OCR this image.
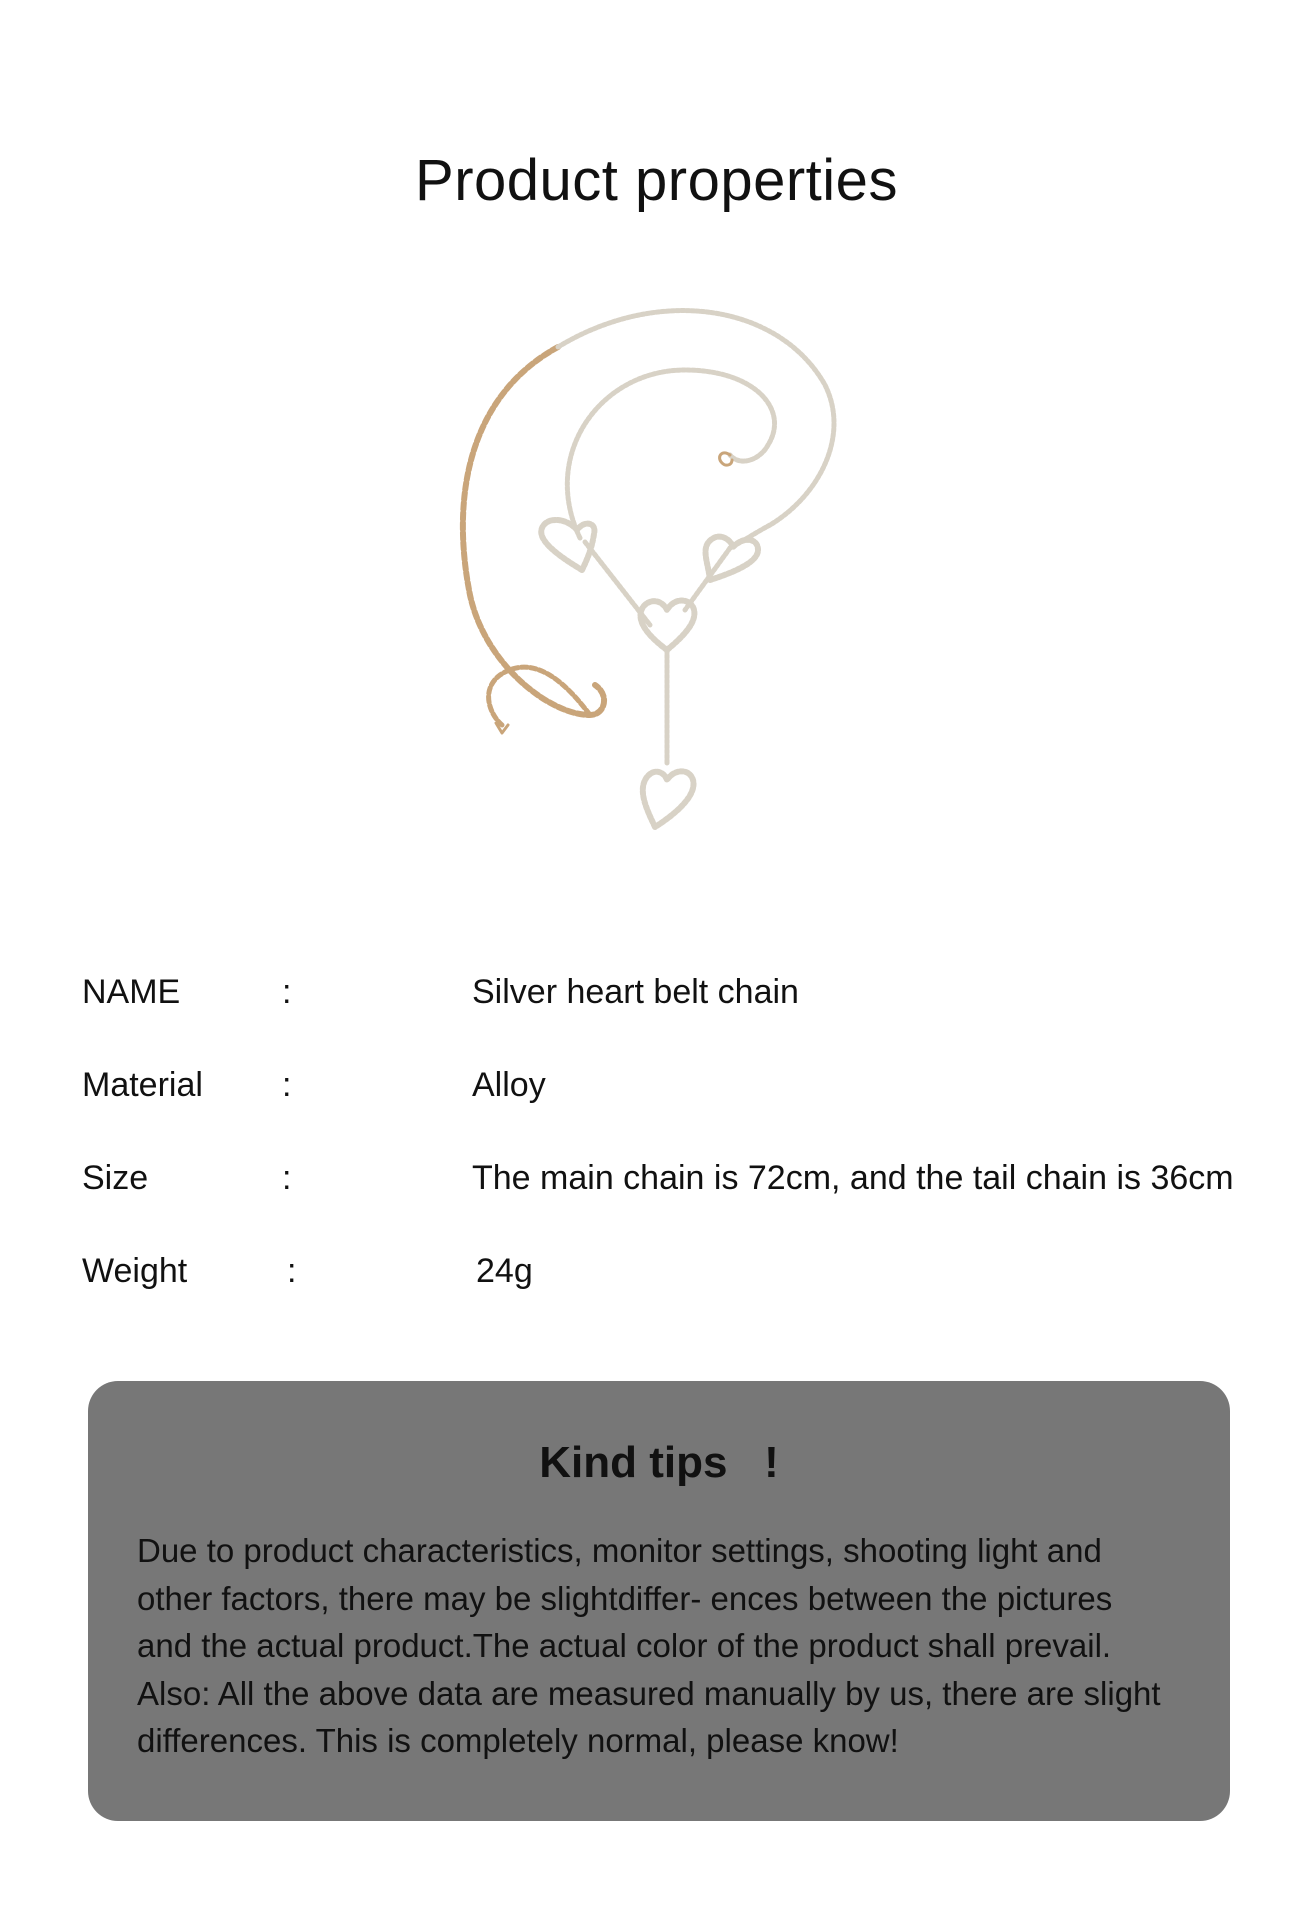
Product properties
NAME	:	Silver heart belt chain
Material :	Alloy
Size	:	The main chain is 72cm, and the tail chain is 36cm
Weight	:	24g
Kind tips   !
Due to product characteristics, monitor settings, shooting light and
other factors, there may be slightdiffer- ences between the pictures
and the actual product.The actual color of the product shall prevail.
Also: All the above data are measured manually by us, there are slight
differences. This is completely normal, please know!
